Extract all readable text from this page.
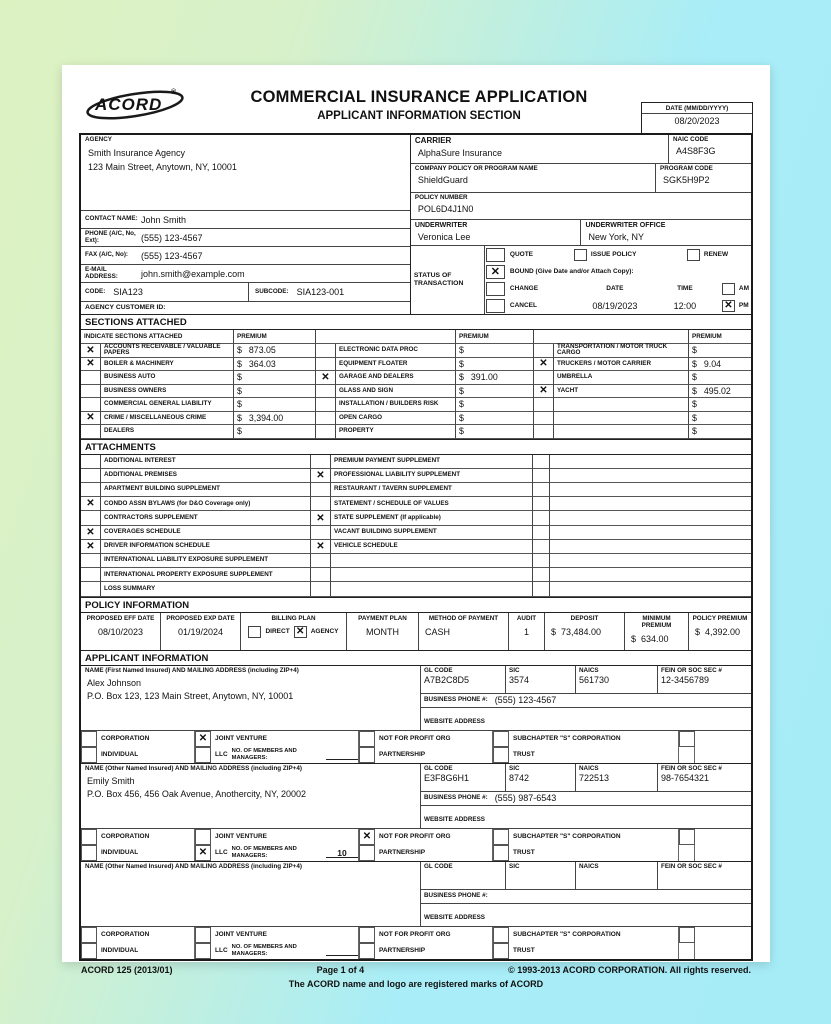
ACORD
®	COMMERCIAL INSURANCE APPLICATION
APPLICANT INFORMATION SECTION
DATE (MM/DD/YYYY)
08/20/2023
AGENCY
Smith Insurance Agency
123 Main Street, Anytown, NY, 10001
CONTACT NAME: John Smith
PHONE (A/C, No, Ext):	(555) 123-4567
FAX (A/C, No):	(555) 123-4567
E-MAIL ADDRESS:	john.smith@example.com
CODE: SIA123	SUBCODE: SIA123-001
AGENCY CUSTOMER ID:
CARRIER
AlphaSure Insurance
NAIC CODE
A4S8F3G
COMPANY POLICY OR PROGRAM NAME
ShieldGuard
PROGRAM CODE
SGK5H9P2
POLICY NUMBER
POL6D4J1N0
UNDERWRITER
Veronica Lee
UNDERWRITER OFFICE
New York, NY
STATUS OF TRANSACTION
QUOTE	ISSUE POLICY	RENEW
✕	BOUND (Give Date and/or Attach Copy):
CHANGE	DATE	TIME	AM
CANCEL	08/19/2023	12:00	✕ PM
SECTIONS ATTACHED
INDICATE SECTIONS ATTACHED	PREMIUM	PREMIUM	PREMIUM
✕	ACCOUNTS RECEIVABLE / VALUABLE PAPERS	$ 873.05	ELECTRONIC DATA PROC	$	TRANSPORTATION / MOTOR TRUCK CARGO	$
✕	BOILER & MACHINERY	$ 364.03	EQUIPMENT FLOATER	$	✕	TRUCKERS / MOTOR CARRIER	$ 9.04
BUSINESS AUTO	$	✕	GARAGE AND DEALERS	$ 391.00	UMBRELLA	$
BUSINESS OWNERS	$	GLASS AND SIGN	$	✕	YACHT	$ 495.02
COMMERCIAL GENERAL LIABILITY	$	INSTALLATION / BUILDERS RISK	$	$
✕	CRIME / MISCELLANEOUS CRIME	$ 3,394.00	OPEN CARGO	$	$
DEALERS	$	PROPERTY	$	$
ATTACHMENTS
ADDITIONAL INTEREST	PREMIUM PAYMENT SUPPLEMENT
ADDITIONAL PREMISES	✕	PROFESSIONAL LIABILITY SUPPLEMENT
APARTMENT BUILDING SUPPLEMENT	RESTAURANT / TAVERN SUPPLEMENT
✕	CONDO ASSN BYLAWS (for D&O Coverage only)	STATEMENT / SCHEDULE OF VALUES
CONTRACTORS SUPPLEMENT	✕	STATE SUPPLEMENT (If applicable)
✕	COVERAGES SCHEDULE	VACANT BUILDING SUPPLEMENT
✕	DRIVER INFORMATION SCHEDULE	✕	VEHICLE SCHEDULE
INTERNATIONAL LIABILITY EXPOSURE SUPPLEMENT
INTERNATIONAL PROPERTY EXPOSURE SUPPLEMENT
LOSS SUMMARY
POLICY INFORMATION
PROPOSED EFF DATE
08/10/2023
PROPOSED EXP DATE
01/19/2024
BILLING PLAN
DIRECT ✕ AGENCY
PAYMENT PLAN
MONTH
METHOD OF PAYMENT
CASH
AUDIT
1
DEPOSIT
$ 73,484.00
MINIMUM PREMIUM
$ 634.00
POLICY PREMIUM
$ 4,392.00
APPLICANT INFORMATION
NAME (First Named Insured) AND MAILING ADDRESS (including ZIP+4)
Alex Johnson
P.O. Box 123, 123 Main Street, Anytown, NY, 10001
GL CODE
A7B2C8D5
SIC
3574
NAICS
561730
FEIN OR SOC SEC #
12-3456789
BUSINESS PHONE #: (555) 123-4567
WEBSITE ADDRESS
CORPORATION	✕	JOINT VENTURE	NOT FOR PROFIT ORG	SUBCHAPTER "S" CORPORATION
INDIVIDUAL	LLC NO. OF MEMBERS AND MANAGERS:	PARTNERSHIP	TRUST
NAME (Other Named Insured) AND MAILING ADDRESS (including ZIP+4)
Emily Smith
P.O. Box 456, 456 Oak Avenue, Anothercity, NY, 20002
GL CODE
E3F8G6H1
SIC
8742
NAICS
722513
FEIN OR SOC SEC #
98-7654321
BUSINESS PHONE #: (555) 987-6543
WEBSITE ADDRESS
CORPORATION	JOINT VENTURE	✕	NOT FOR PROFIT ORG	SUBCHAPTER "S" CORPORATION
INDIVIDUAL	✕	LLC NO. OF MEMBERS AND MANAGERS:	10	PARTNERSHIP	TRUST
NAME (Other Named Insured) AND MAILING ADDRESS (including ZIP+4)	GL CODE	SIC	NAICS	FEIN OR SOC SEC #
BUSINESS PHONE #:
WEBSITE ADDRESS
CORPORATION	JOINT VENTURE	NOT FOR PROFIT ORG	SUBCHAPTER "S" CORPORATION
INDIVIDUAL	LLC NO. OF MEMBERS AND MANAGERS:	PARTNERSHIP	TRUST
ACORD 125 (2013/01)	Page 1 of 4	© 1993-2013 ACORD CORPORATION. All rights reserved.
The ACORD name and logo are registered marks of ACORD
